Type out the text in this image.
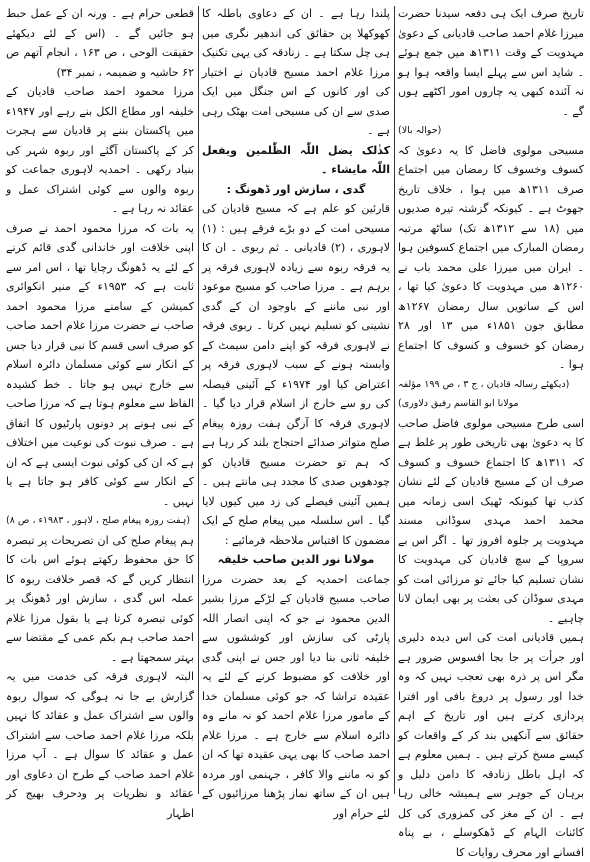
تاریخ صرف ایک ہی دفعہ سیدنا حضرت میرزا غلام احمد صاحب قادیانی کے دعویٰ مہدویت کے وقت ۱۳۱۱ھ میں جمع ہوئے ۔ شاید اس سے پہلے ایسا واقعہ ہوا ہو نہ آئندہ کبھی یہ چاروں امور اکٹھے ہوں گے ۔

(حوالہ بالا)

مسیحی مولوی فاضل کا یہ دعویٰ کہ کسوف وخسوف کا رمضان میں اجتماع صرف ۱۳۱۱ھ میں ہوا ، خلاف تاریخ جھوٹ ہے ۔ کیونکہ گزشتہ تیرہ صدیوں میں (۱۸ سے ۱۳۱۲ھ تک) ساٹھ مرتبہ رمضان المبارک میں اجتماع کسوفین ہوا ۔ ایران میں میرزا علی محمد باب نے ۱۲۶۰ھ میں مہدویت کا دعویٰ کیا تھا ، اس کے ساتویں سال رمضان ۱۲۶۷ھ مطابق جون ۱۸۵۱ء میں ۱۳ اور ۲۸ رمضان کو خسوف و کسوف کا اجتماع ہوا ۔

(دیکھئے رسالہ قادیان ، ج ۳ ، ص ۱۹۹ مؤلفہ مولانا ابو القاسم رفیق دلاوری)

اسی طرح مسیحی مولوی فاضل صاحب کا یہ دعویٰ بھی تاریخی طور پر غلط ہے کہ ۱۳۱۱ھ کا اجتماع خسوف و کسوف صرف ان کے مسیح قادیان کے لئے نشان کذب تھا کیونکہ ٹھیک اسی زمانہ میں محمد احمد مہدی سوڈانی مسند مہدویت پر جلوہ افروز تھا ۔ اگر اس بے سروپا کے سچ قادیان کی مہدویت کا نشان تسلیم کیا جائے تو مرزائی امت کو مہدی سوڈان کی بعثت پر بھی ایمان لانا چاہیے ۔

ہمیں قادیانی امت کی اس دیدہ دلیری اور جرأت پر جا بجا افسوس ضرور ہے مگر اس پر ذرہ بھی تعجب نہیں کہ وہ خدا اور رسول پر دروغ بافی اور افترا پردازی کرتے ہیں اور تاریخ کے اہم حقائق سے آنکھیں بند کر کے واقعات کو کیسے مسخ کرتے ہیں ۔ ہمیں معلوم ہے کہ اہل باطل زنادقہ کا دامن دلیل و برہان کے جوہر سے ہمیشہ خالی رہا ہے ۔ ان کے مغز کی کمزوری کی کل کائنات الہام کے ڈھکوسلے ، بے پناہ افسانے اور محرف روایات کا

پلندا رہا ہے ۔ ان کے دعاوی باطلہ کا کھوکھلا پن حقائق کی اندھیر نگری میں ہی چل سکتا ہے ۔ زنادقہ کی یہی تکنیک مرزا غلام احمد مسیح قادیان نے اختیار کی اور کانوں کے اس جنگل میں ایک صدی سے ان کی مسیحی امت بھٹک رہی ہے ۔

کذٰلک یضل اللّٰہ الظّٰلمین ویفعل اللّٰہ مایشاء ۔
گدی ، سازش اور ڈھونگ :

قارئین کو علم ہے کہ مسیح قادیان کی مسیحی امت کے دو بڑے فرقے ہیں : (۱) لاہوری ، (۲) قادیانی ۔ ثم ربوی ۔ ان کا یہ فرقہ ربوہ سے زیادہ لاہوری فرقہ پر برہم ہے ۔ مرزا صاحب کو مسیح موعود اور نبی ماننے کے باوجود ان کے گدی نشینی کو تسلیم نہیں کرتا ۔ ربوی فرقہ نے لاہوری فرقہ کو اپنے دامن سیمٹ کے وابستہ ہونے کے سبب لاہوری فرقہ پر اعتراض کیا اور ۱۹۷۴ء کے آئینی فیصلہ کی رو سے خارج از اسلام قرار دیا گیا ۔ لاہوری فرقہ کا آرگن ہفت روزہ پیغام صلح متواتر صدائے احتجاج بلند کر رہا ہے کہ ہم تو حضرت مسیح قادیان کو چودھویں صدی کا مجدد ہی مانتے ہیں ۔ ہمیں آئینی فیصلے کی زد میں کیوں لایا گیا ۔ اس سلسلہ میں پیغام صلح کے ایک مضمون کا اقتباس ملاحظہ فرمائیے :

مولانا نور الدین صاحب خلیفہ

جماعت احمدیہ کے بعد حضرت مرزا صاحب مسیح قادیان کے لڑکے مرزا بشیر الدین محمود نے جو کہ اپنی انصار اللہ پارٹی کی سازش اور کوششوں سے خلیفہ ثانی بنا دیا اور جس نے اپنی گدی اور خلافت کو مضبوط کرنے کے لئے یہ عقیدہ تراشا کہ جو کوئی مسلمان خدا کے مامور مرزا غلام احمد کو نہ مانے وہ دائرہ اسلام سے خارج ہے ۔ مرزا غلام احمد صاحب کا بھی یہی عقیدہ تھا کہ ان کو نہ ماننے والا کافر ، جہنمی اور مردہ ہیں ان کے ساتھ نماز پڑھنا مرزائیوں کے لئے حرام اور

قطعی حرام ہے ۔ ورنہ ان کے عمل حبط ہو جائیں گے ۔ (اس کے لئے دیکھئے حقیقت الوحی ، ص ۱۶۳ ، انجام آتھم ص ۶۲ حاشیہ و ضمیمہ ، نمبر ۳۴)

مرزا محمود احمد صاحب قادیان کے خلیفہ اور مطاع الکل بنے رہے اور ۱۹۴۷ء میں پاکستان بننے پر قادیان سے ہجرت کر کے پاکستان آگئے اور ربوہ شہر کی بنیاد رکھی ۔ احمدیہ لاہوری جماعت کو ربوہ والوں سے کوئی اشتراک عمل و عقائد نہ رہا ہے ۔

یہ بات کہ مرزا محمود احمد نے صرف اپنی خلافت اور خاندانی گدی قائم کرنے کے لئے یہ ڈھونگ رچایا تھا ، اس امر سے ثابت ہے کہ ۱۹۵۳ء کے منیر انکوائری کمیشن کے سامنے مرزا محمود احمد صاحب نے حضرت مرزا غلام احمد صاحب کو صرف اسی قسم کا نبی قرار دیا جس کے انکار سے کوئی مسلمان دائرہ اسلام سے خارج نہیں ہو جاتا ۔ خط کشیدہ الفاظ سے معلوم ہوتا ہے کہ مرزا صاحب کے نبی ہونے پر دونوں پارٹیوں کا اتفاق ہے ۔ صرف نبوت کی نوعیت میں اختلاف ہے کہ ان کی کوئی نبوت ایسی ہے کہ ان کے انکار سے کوئی کافر ہو جاتا ہے یا نہیں ۔

(ہفت روزہ پیغام صلح ، لاہور ، ۱۹۸۳ء ، ص ۸)

ہم پیغام صلح کی ان تصریحات پر تبصرہ کا حق محفوظ رکھتے ہوئے اس بات کا انتظار کریں گے کہ قصر خلافت ربوہ کا عملہ اس گدی ، سازش اور ڈھونگ پر کوئی تبصرہ کرتا ہے یا بقول مرزا غلام احمد صاحب ہم بکم عمی کے مقتضا سے بہتر سمجھتا ہے ۔

البتہ لاہوری فرقہ کی خدمت میں یہ گزارش بے جا نہ ہوگی کہ سوال ربوہ والوں سے اشتراک عمل و عقائد کا نہیں بلکہ مرزا غلام احمد صاحب سے اشتراک عمل و عقائد کا سوال ہے ۔ آپ مرزا غلام احمد صاحب کے طرح ان دعاوی اور عقائد و نظریات پر ودحرف بھیج کر اظہار
